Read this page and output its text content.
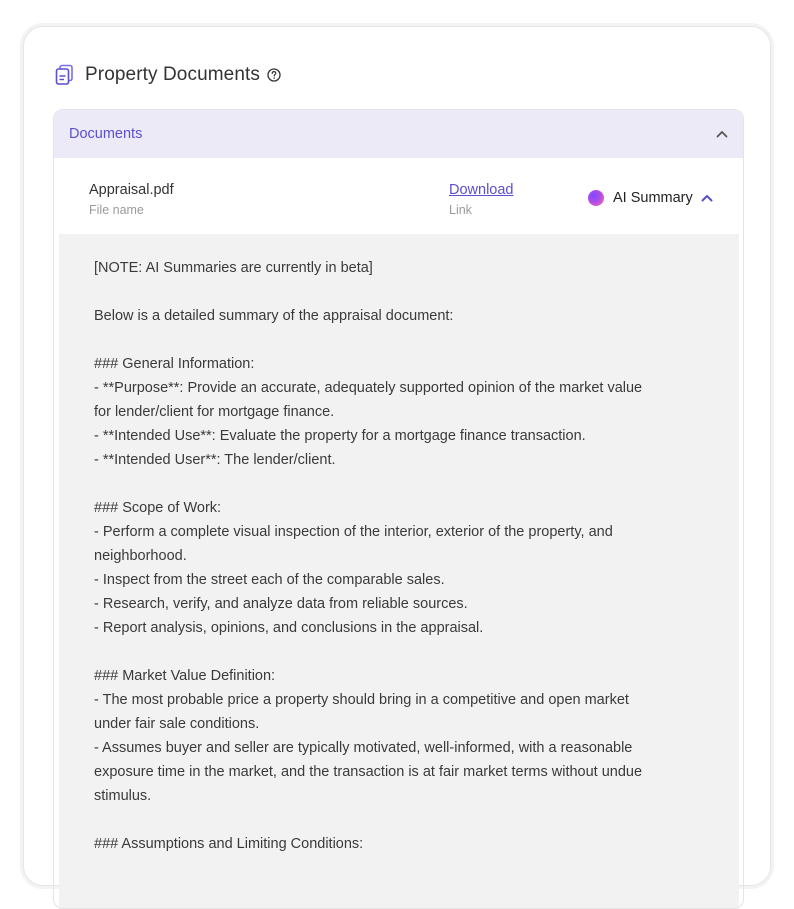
Property Documents
Documents
Appraisal.pdf
File name
Download
Link
AI Summary
[NOTE: AI Summaries are currently in beta]
Below is a detailed summary of the appraisal document:
### General Information:
- **Purpose**: Provide an accurate, adequately supported opinion of the market value
for lender/client for mortgage finance.
- **Intended Use**: Evaluate the property for a mortgage finance transaction.
- **Intended User**: The lender/client.
### Scope of Work:
- Perform a complete visual inspection of the interior, exterior of the property, and
neighborhood.
- Inspect from the street each of the comparable sales.
- Research, verify, and analyze data from reliable sources.
- Report analysis, opinions, and conclusions in the appraisal.
### Market Value Definition:
- The most probable price a property should bring in a competitive and open market
under fair sale conditions.
- Assumes buyer and seller are typically motivated, well-informed, with a reasonable
exposure time in the market, and the transaction is at fair market terms without undue
stimulus.
### Assumptions and Limiting Conditions:
